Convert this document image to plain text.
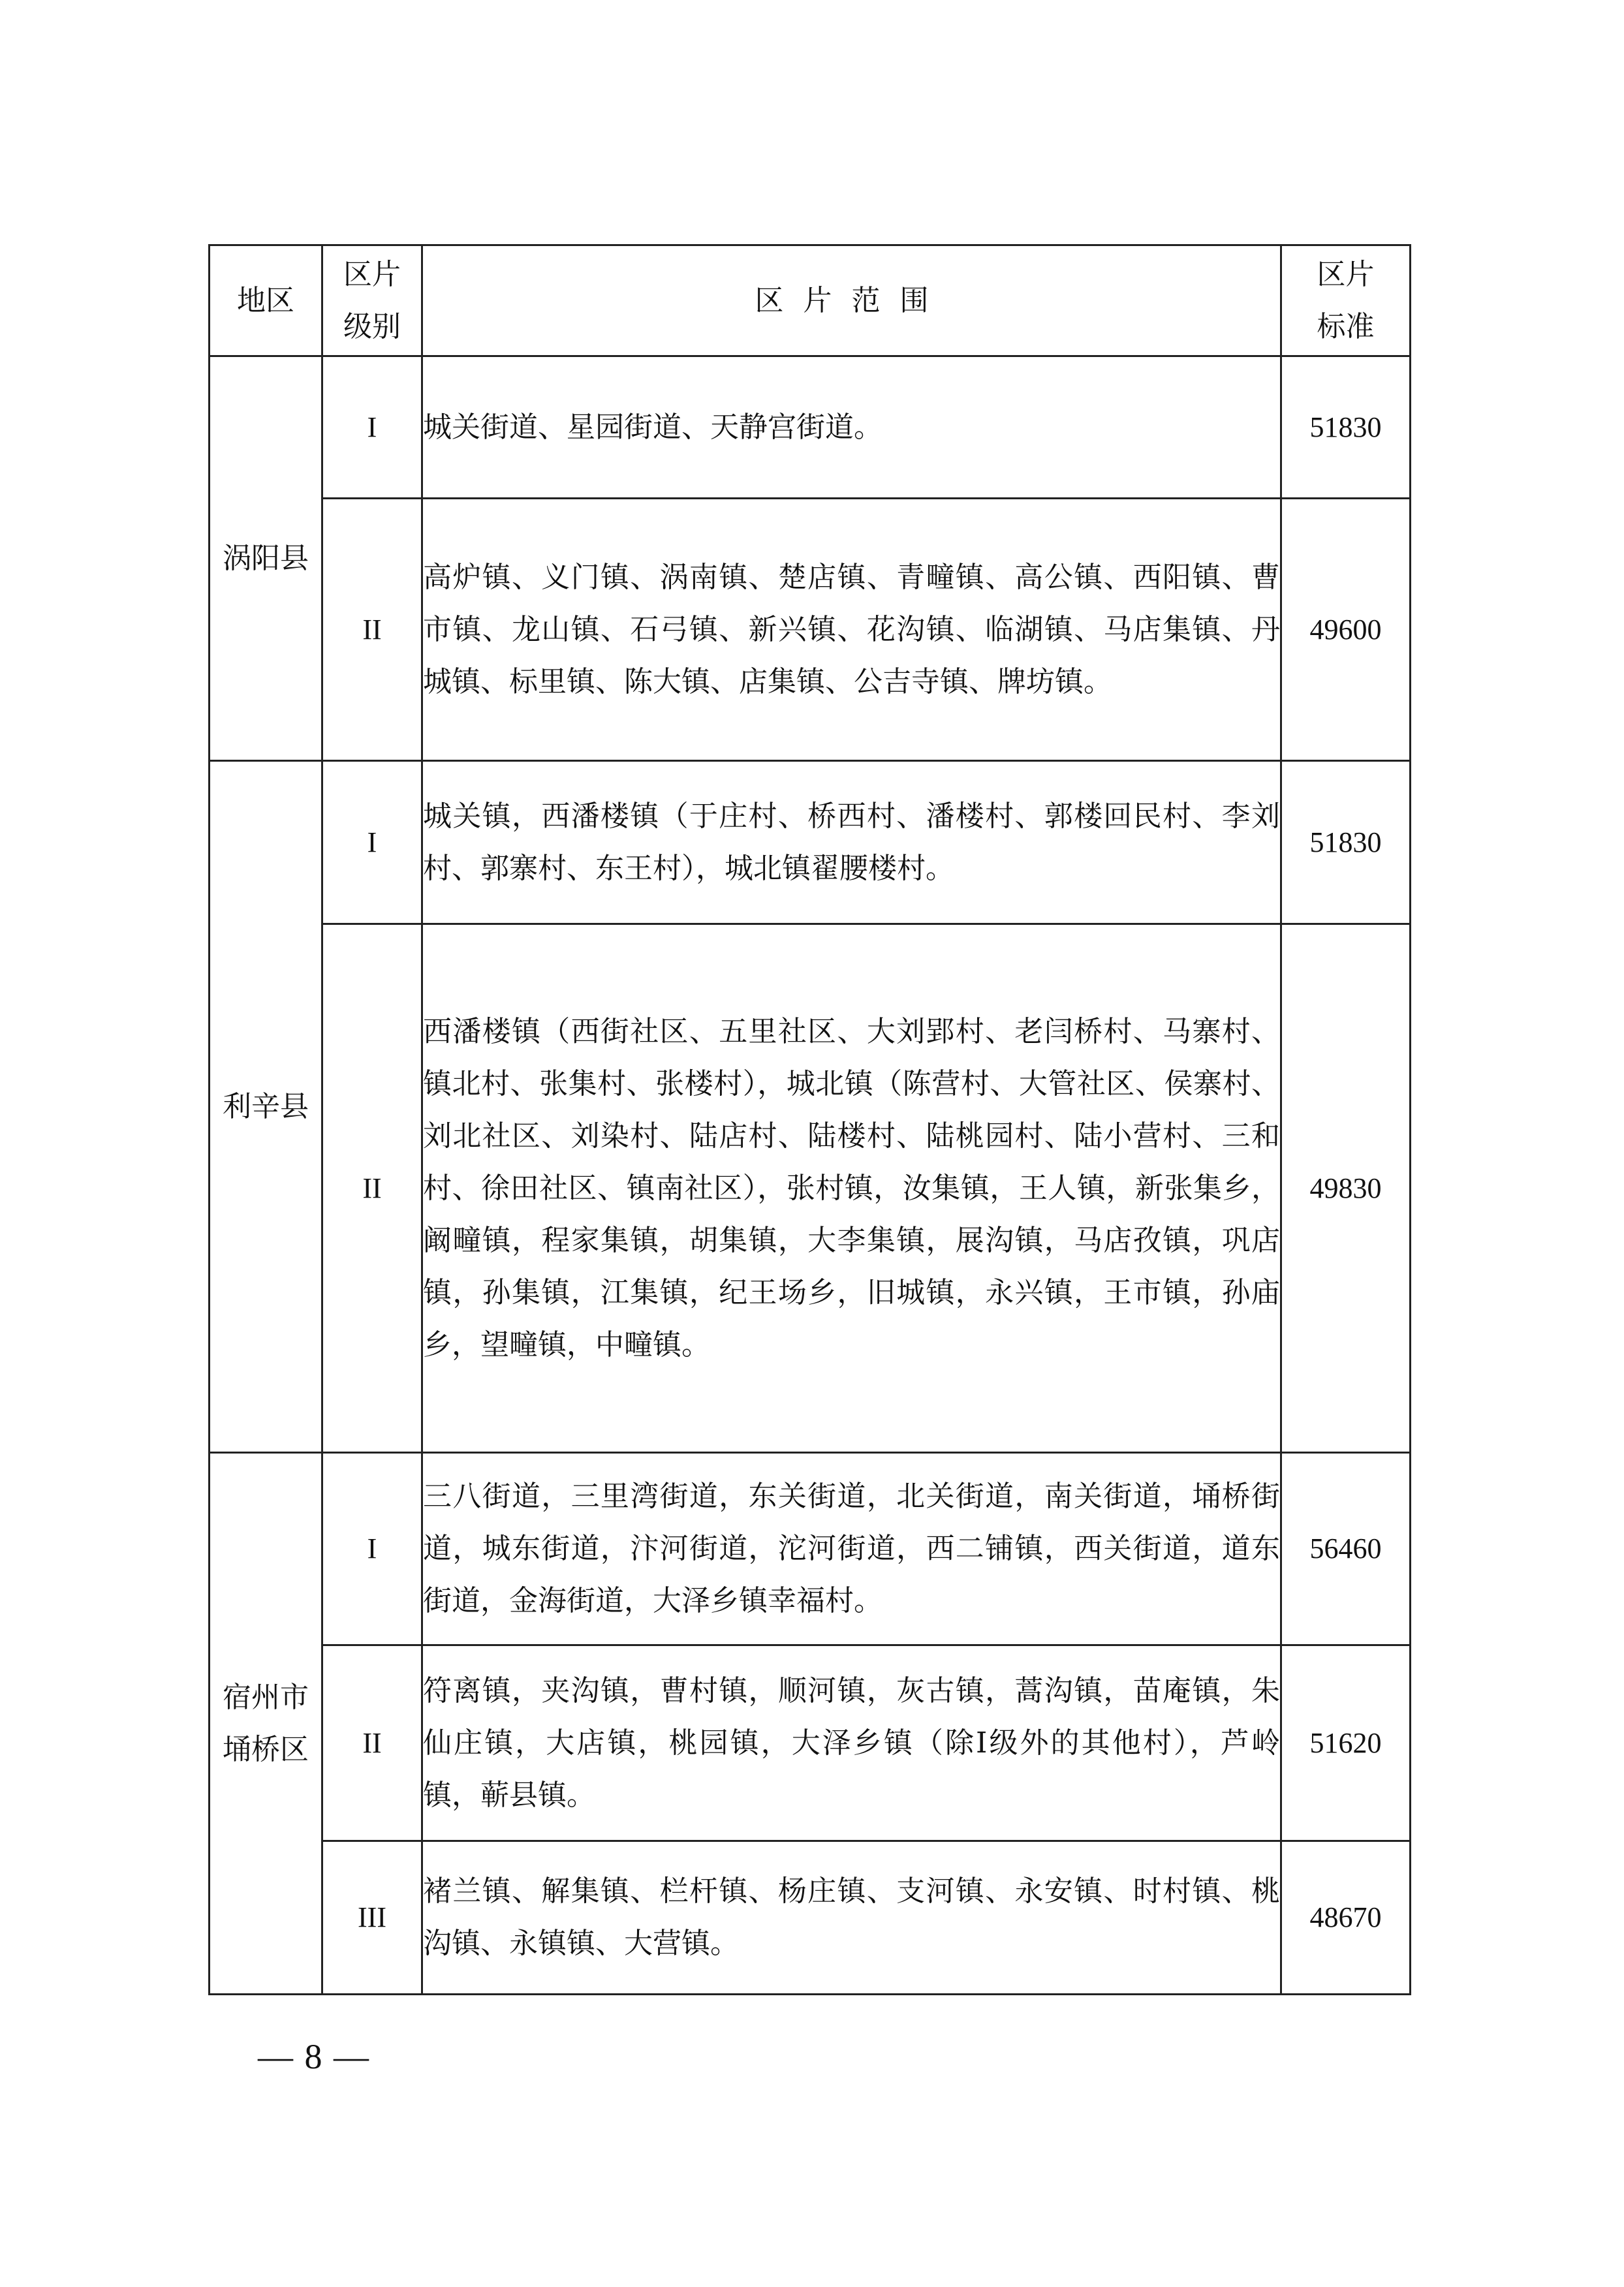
地区	区片级别	区片范围	区片标准

涡阳县	I	城关街道、星园街道、天静宫街道。	51830
	II	高炉镇、义门镇、涡南镇、楚店镇、青疃镇、高公镇、西阳镇、曹市镇、龙山镇、石弓镇、新兴镇、花沟镇、临湖镇、马店集镇、丹城镇、标里镇、陈大镇、店集镇、公吉寺镇、牌坊镇。	49600

利辛县	I	城关镇，西潘楼镇（于庄村、桥西村、潘楼村、郭楼回民村、李刘村、郭寨村、东王村），城北镇翟腰楼村。	51830
	II	西潘楼镇（西街社区、五里社区、大刘郢村、老闫桥村、马寨村、镇北村、张集村、张楼村），城北镇（陈营村、大管社区、侯寨村、刘北社区、刘染村、陆店村、陆楼村、陆桃园村、陆小营村、三和村、徐田社区、镇南社区），张村镇，汝集镇，王人镇，新张集乡，阚疃镇，程家集镇，胡集镇，大李集镇，展沟镇，马店孜镇，巩店镇，孙集镇，江集镇，纪王场乡，旧城镇，永兴镇，王市镇，孙庙乡，望疃镇，中疃镇。	49830

宿州市埇桥区	I	三八街道，三里湾街道，东关街道，北关街道，南关街道，埇桥街道，城东街道，汴河街道，沱河街道，西二铺镇，西关街道，道东街道，金海街道，大泽乡镇幸福村。	56460
	II	符离镇，夹沟镇，曹村镇，顺河镇，灰古镇，蒿沟镇，苗庵镇，朱仙庄镇，大店镇，桃园镇，大泽乡镇（除I级外的其他村），芦岭镇，蕲县镇。	51620
	III	褚兰镇、解集镇、栏杆镇、杨庄镇、支河镇、永安镇、时村镇、桃沟镇、永镇镇、大营镇。	48670
— 8 —
